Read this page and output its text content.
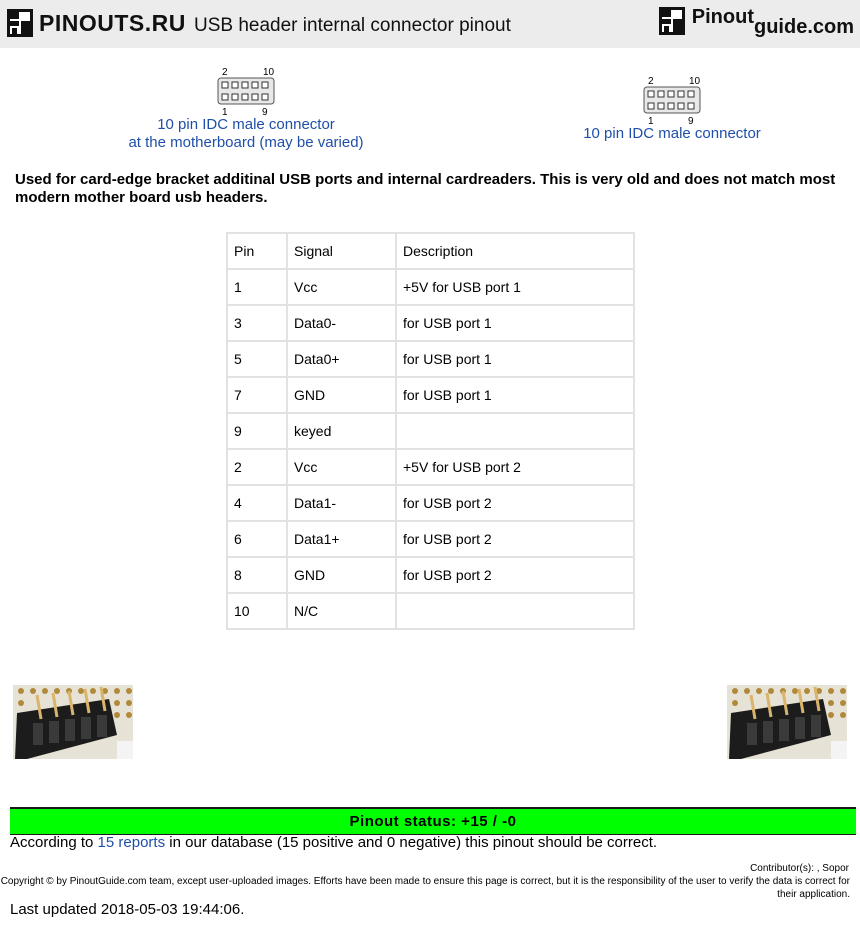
PINOUTS.RU USB header internal connector pinout	Pinout guide.com
2	10
1	9
10 pin IDC male connector
at the motherboard (may be varied)
2	10
1	9
10 pin IDC male connector
Used for card-edge bracket additinal USB ports and internal cardreaders. This is very old and does not match most modern mother board usb headers.
Pin	Signal	Description
1	Vcc	+5V for USB port 1
3	Data0-	for USB port 1
5	Data0+	for USB port 1
7	GND	for USB port 1
9	keyed	
2	Vcc	+5V for USB port 2
4	Data1-	for USB port 2
6	Data1+	for USB port 2
8	GND	for USB port 2
10	N/C	
Pinout status: +15 / -0
According to 15 reports in our database (15 positive and 0 negative) this pinout should be correct.
Contributor(s): , Sopor
Copyright © by PinoutGuide.com team, except user-uploaded images. Efforts have been made to ensure this page is correct, but it is the responsibility of the user to verify the data is correct for their application.
Last updated 2018-05-03 19:44:06.
